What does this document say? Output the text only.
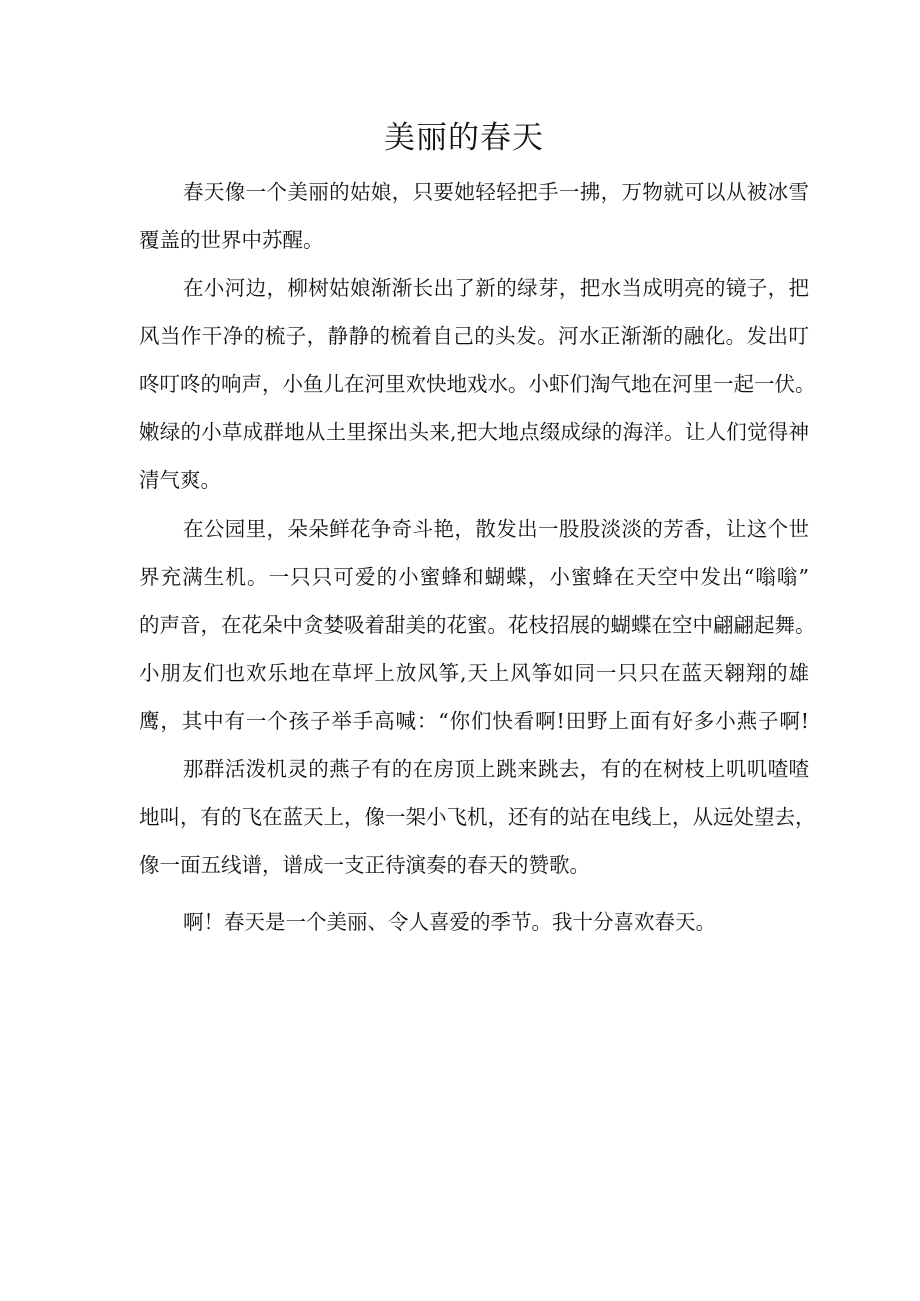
美丽的春天

春天像一个美丽的姑娘，只要她轻轻把手一拂，万物就可以从被冰雪

覆盖的世界中苏醒。

在小河边，柳树姑娘渐渐长出了新的绿芽，把水当成明亮的镜子，把

风当作干净的梳子，静静的梳着自己的头发。河水正渐渐的融化。发出叮

咚叮咚的响声，小鱼儿在河里欢快地戏水。小虾们淘气地在河里一起一伏。

嫩绿的小草成群地从土里探出头来,把大地点缀成绿的海洋。让人们觉得神

清气爽。

在公园里，朵朵鲜花争奇斗艳，散发出一股股淡淡的芳香，让这个世

界充满生机。一只只可爱的小蜜蜂和蝴蝶，小蜜蜂在天空中发出“嗡嗡”

的声音，在花朵中贪婪吸着甜美的花蜜。花枝招展的蝴蝶在空中翩翩起舞。

小朋友们也欢乐地在草坪上放风筝,天上风筝如同一只只在蓝天翱翔的雄

鹰，其中有一个孩子举手高喊：“你们快看啊!田野上面有好多小燕子啊!

那群活泼机灵的燕子有的在房顶上跳来跳去，有的在树枝上叽叽喳喳

地叫，有的飞在蓝天上，像一架小飞机，还有的站在电线上，从远处望去，

像一面五线谱，谱成一支正待演奏的春天的赞歌。

啊！春天是一个美丽、令人喜爱的季节。我十分喜欢春天。
